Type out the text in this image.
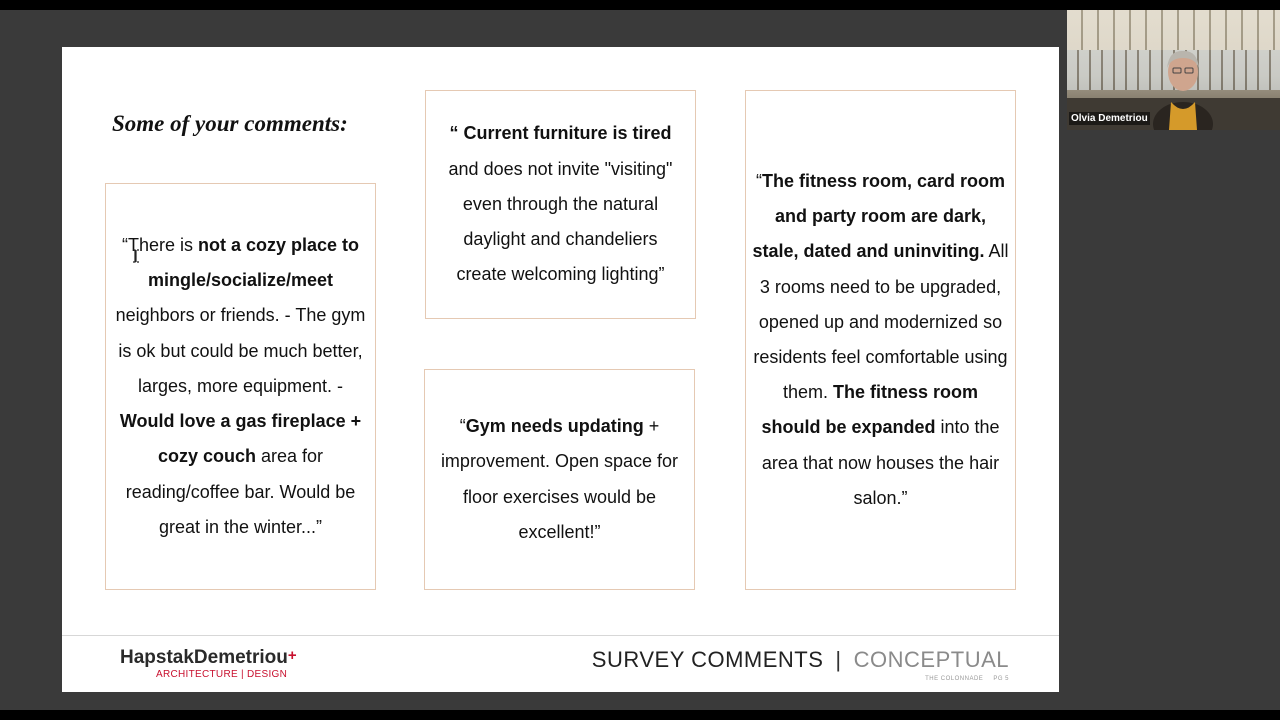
Some of your comments:

“There is not a cozy place to mingle/socialize/meet neighbors or friends. - The gym is ok but could be much better, larges, more equipment. -Would love a gas fireplace + cozy couch area for reading/coffee bar. Would be great in the winter...”

“ Current furniture is tired and does not invite "visiting" even through the natural daylight and chandeliers create welcoming lighting”

“Gym needs updating + improvement. Open space for floor exercises would be excellent!”

“The fitness room, card room and party room are dark, stale, dated and uninviting. All 3 rooms need to be upgraded, opened up and modernized so residents feel comfortable using them. The fitness room should be expanded into the area that now houses the hair salon.”

HapstakDemetriou+
ARCHITECTURE | DESIGN
SURVEY COMMENTS | CONCEPTUAL
THE COLONNADE PG 5
Olvia Demetriou
